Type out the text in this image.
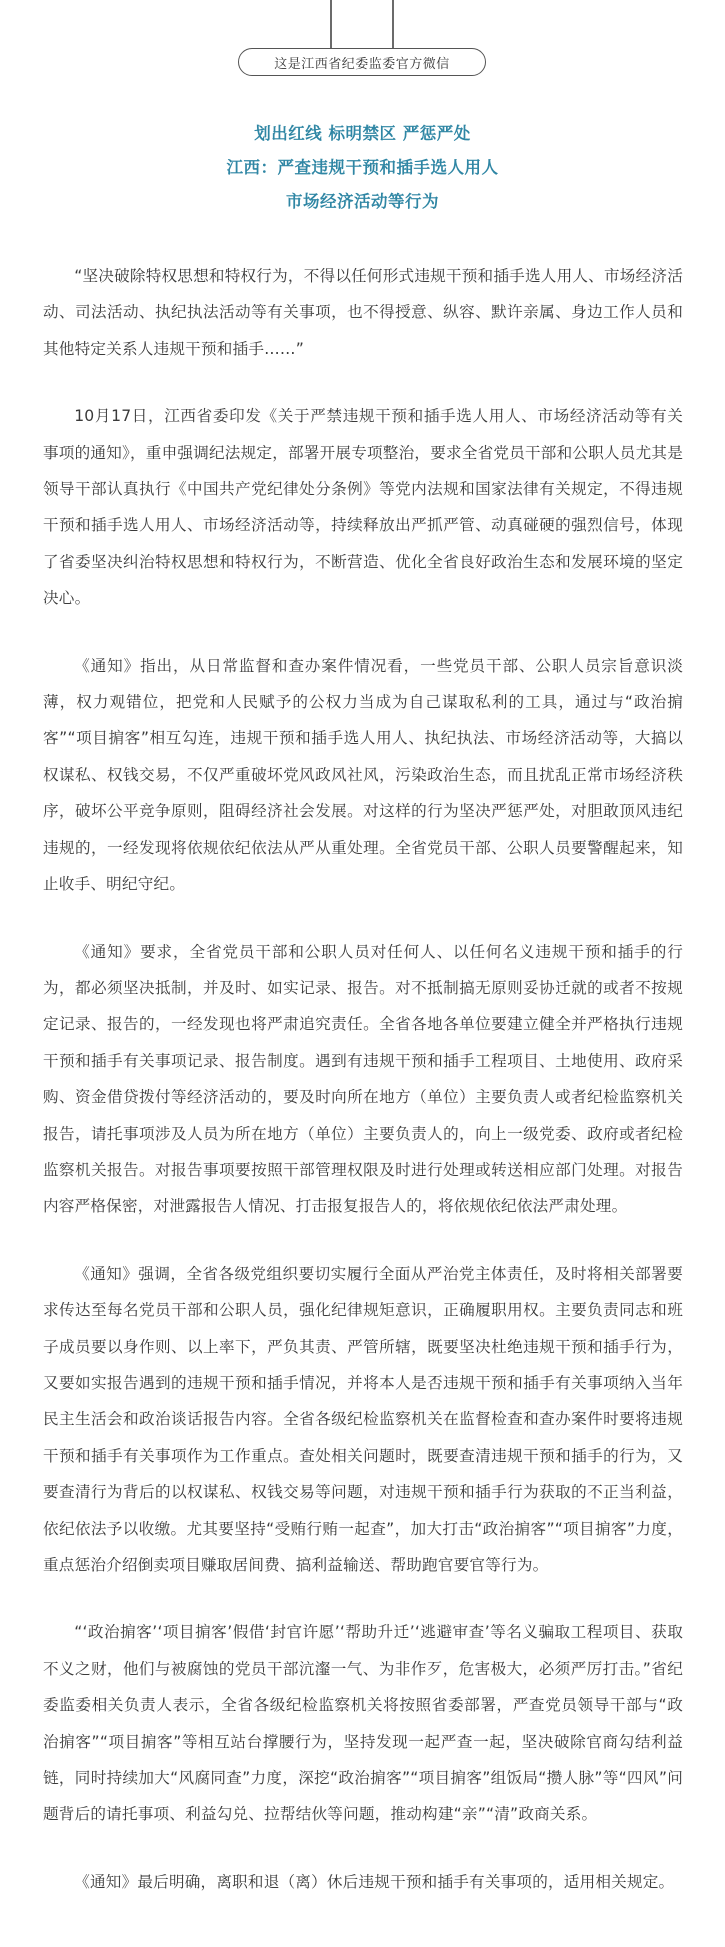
这是江西省纪委监委官方微信
划出红线 标明禁区 严惩严处
江西：严查违规干预和插手选人用人
市场经济活动等行为

“坚决破除特权思想和特权行为，不得以任何形式违规干预和插手选人用人、市场经济活动、司法活动、执纪执法活动等有关事项，也不得授意、纵容、默许亲属、身边工作人员和其他特定关系人违规干预和插手……”

10月17日，江西省委印发《关于严禁违规干预和插手选人用人、市场经济活动等有关事项的通知》，重申强调纪法规定，部署开展专项整治，要求全省党员干部和公职人员尤其是领导干部认真执行《中国共产党纪律处分条例》等党内法规和国家法律有关规定，不得违规干预和插手选人用人、市场经济活动等，持续释放出严抓严管、动真碰硬的强烈信号，体现了省委坚决纠治特权思想和特权行为，不断营造、优化全省良好政治生态和发展环境的坚定决心。

《通知》指出，从日常监督和查办案件情况看，一些党员干部、公职人员宗旨意识淡薄，权力观错位，把党和人民赋予的公权力当成为自己谋取私利的工具，通过与“政治掮客”“项目掮客”相互勾连，违规干预和插手选人用人、执纪执法、市场经济活动等，大搞以权谋私、权钱交易，不仅严重破坏党风政风社风，污染政治生态，而且扰乱正常市场经济秩序，破坏公平竞争原则，阻碍经济社会发展。对这样的行为坚决严惩严处，对胆敢顶风违纪违规的，一经发现将依规依纪依法从严从重处理。全省党员干部、公职人员要警醒起来，知止收手、明纪守纪。

《通知》要求，全省党员干部和公职人员对任何人、以任何名义违规干预和插手的行为，都必须坚决抵制，并及时、如实记录、报告。对不抵制搞无原则妥协迁就的或者不按规定记录、报告的，一经发现也将严肃追究责任。全省各地各单位要建立健全并严格执行违规干预和插手有关事项记录、报告制度。遇到有违规干预和插手工程项目、土地使用、政府采购、资金借贷拨付等经济活动的，要及时向所在地方（单位）主要负责人或者纪检监察机关报告，请托事项涉及人员为所在地方（单位）主要负责人的，向上一级党委、政府或者纪检监察机关报告。对报告事项要按照干部管理权限及时进行处理或转送相应部门处理。对报告内容严格保密，对泄露报告人情况、打击报复报告人的，将依规依纪依法严肃处理。

《通知》强调，全省各级党组织要切实履行全面从严治党主体责任，及时将相关部署要求传达至每名党员干部和公职人员，强化纪律规矩意识，正确履职用权。主要负责同志和班子成员要以身作则、以上率下，严负其责、严管所辖，既要坚决杜绝违规干预和插手行为，又要如实报告遇到的违规干预和插手情况，并将本人是否违规干预和插手有关事项纳入当年民主生活会和政治谈话报告内容。全省各级纪检监察机关在监督检查和查办案件时要将违规干预和插手有关事项作为工作重点。查处相关问题时，既要查清违规干预和插手的行为，又要查清行为背后的以权谋私、权钱交易等问题，对违规干预和插手行为获取的不正当利益，依纪依法予以收缴。尤其要坚持“受贿行贿一起查”，加大打击“政治掮客”“项目掮客”力度，重点惩治介绍倒卖项目赚取居间费、搞利益输送、帮助跑官要官等行为。

“‘政治掮客’‘项目掮客’假借‘封官许愿’‘帮助升迁’‘逃避审查’等名义骗取工程项目、获取不义之财，他们与被腐蚀的党员干部沆瀣一气、为非作歹，危害极大，必须严厉打击。”省纪委监委相关负责人表示，全省各级纪检监察机关将按照省委部署，严查党员领导干部与“政治掮客”“项目掮客”等相互站台撑腰行为，坚持发现一起严查一起，坚决破除官商勾结利益链，同时持续加大“风腐同查”力度，深挖“政治掮客”“项目掮客”组饭局“攒人脉”等“四风”问题背后的请托事项、利益勾兑、拉帮结伙等问题，推动构建“亲”“清”政商关系。

《通知》最后明确，离职和退（离）休后违规干预和插手有关事项的，适用相关规定。
